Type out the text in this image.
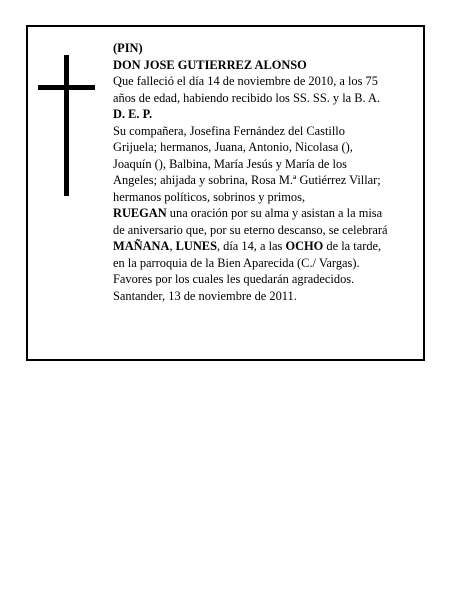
(PIN)
DON JOSE GUTIERREZ ALONSO
Que falleció el día 14 de noviembre de 2010, a los 75
años de edad, habiendo recibido los SS. SS. y la B. A.
D. E. P.
Su compañera, Josefina Fernández del Castillo
Grijuela; hermanos, Juana, Antonio, Nicolasa (),
Joaquín (), Balbina, María Jesús y María de los
Angeles; ahijada y sobrina, Rosa M.ª Gutiérrez Villar;
hermanos políticos, sobrinos y primos,
RUEGAN una oración por su alma y asistan a la misa
de aniversario que, por su eterno descanso, se celebrará
MAÑANA, LUNES, día 14, a las OCHO de la tarde,
en la parroquia de la Bien Aparecida (C./ Vargas).
Favores por los cuales les quedarán agradecidos.
Santander, 13 de noviembre de 2011.
